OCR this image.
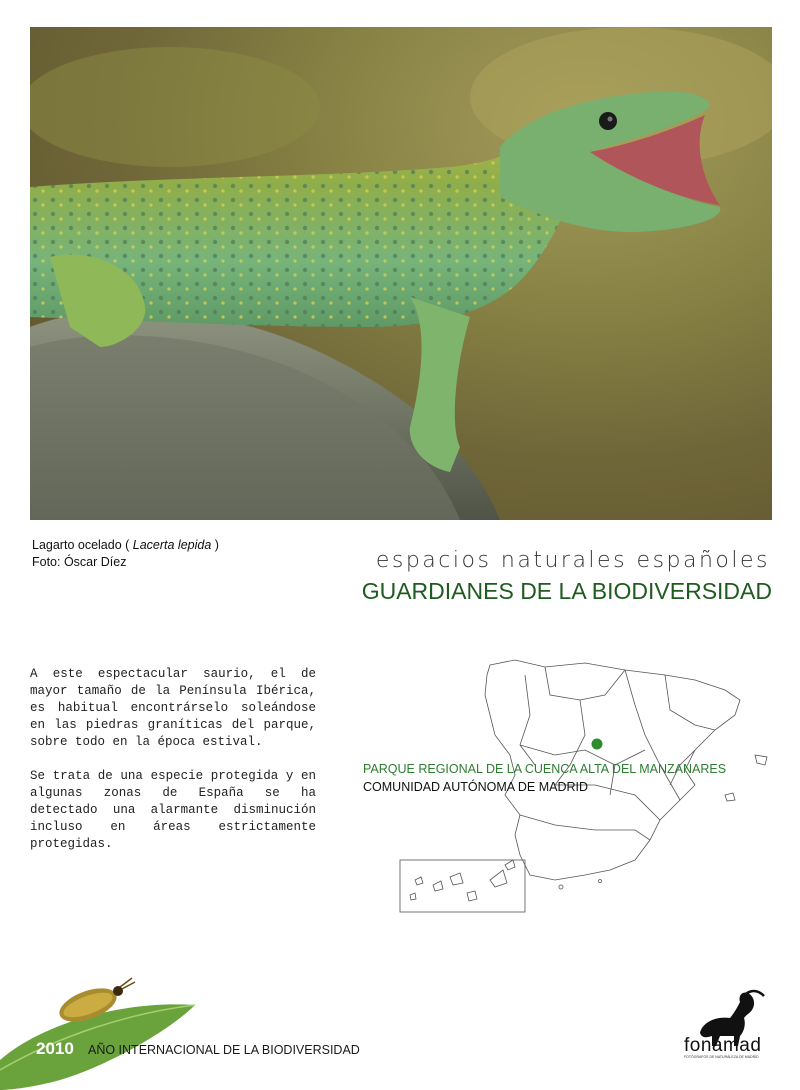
Lagarto ocelado ( Lacerta lepida )
Foto: Óscar Díez	espacios naturales españoles
GUARDIANES DE LA BIODIVERSIDAD

A este espectacular saurio, el de mayor tamaño de la Península Ibérica, es habitual encontrárselo soleándose en las piedras graníticas del parque, sobre todo en la época estival.

Se trata de una especie protegida y en algunas zonas de España se ha detectado una alarmante disminución incluso en áreas estrictamente protegidas.

PARQUE REGIONAL DE LA CUENCA ALTA DEL MANZANARES
COMUNIDAD AUTÓNOMA DE MADRID
2010 AÑO INTERNACIONAL DE LA BIODIVERSIDAD	fonamad
FOTÓGRAFOS DE NATURALEZA DE MADRID
